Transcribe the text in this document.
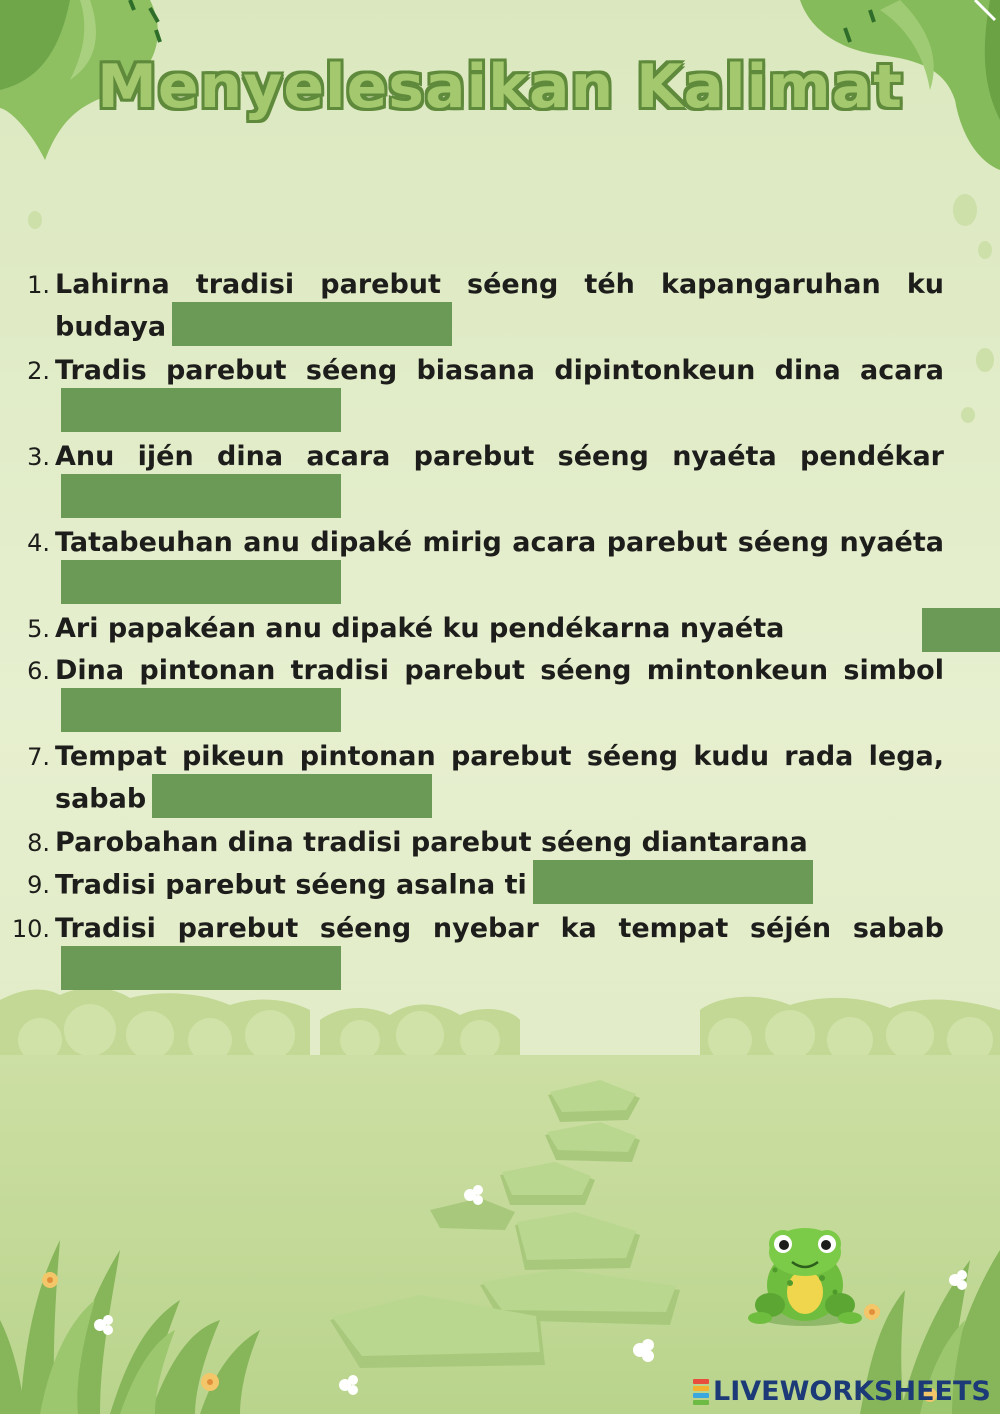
Menyelesaikan Kalimat
1. Lahirna tradisi parebut séeng téh kapangaruhan ku budaya
2. Tradis parebut séeng biasana dipintonkeun dina acara
3. Anu ijén dina acara parebut séeng nyaéta pendékar
4. Tatabeuhan anu dipaké mirig acara parebut séeng nyaéta
5. Ari papakéan anu dipaké ku pendékarna nyaéta
6. Dina pintonan tradisi parebut séeng mintonkeun simbol
7. Tempat pikeun pintonan parebut séeng kudu rada lega, sabab
8. Parobahan dina tradisi parebut séeng diantarana
9. Tradisi parebut séeng asalna ti
10. Tradisi parebut séeng nyebar ka tempat séjén sabab
LIVEWORKSHEETS
